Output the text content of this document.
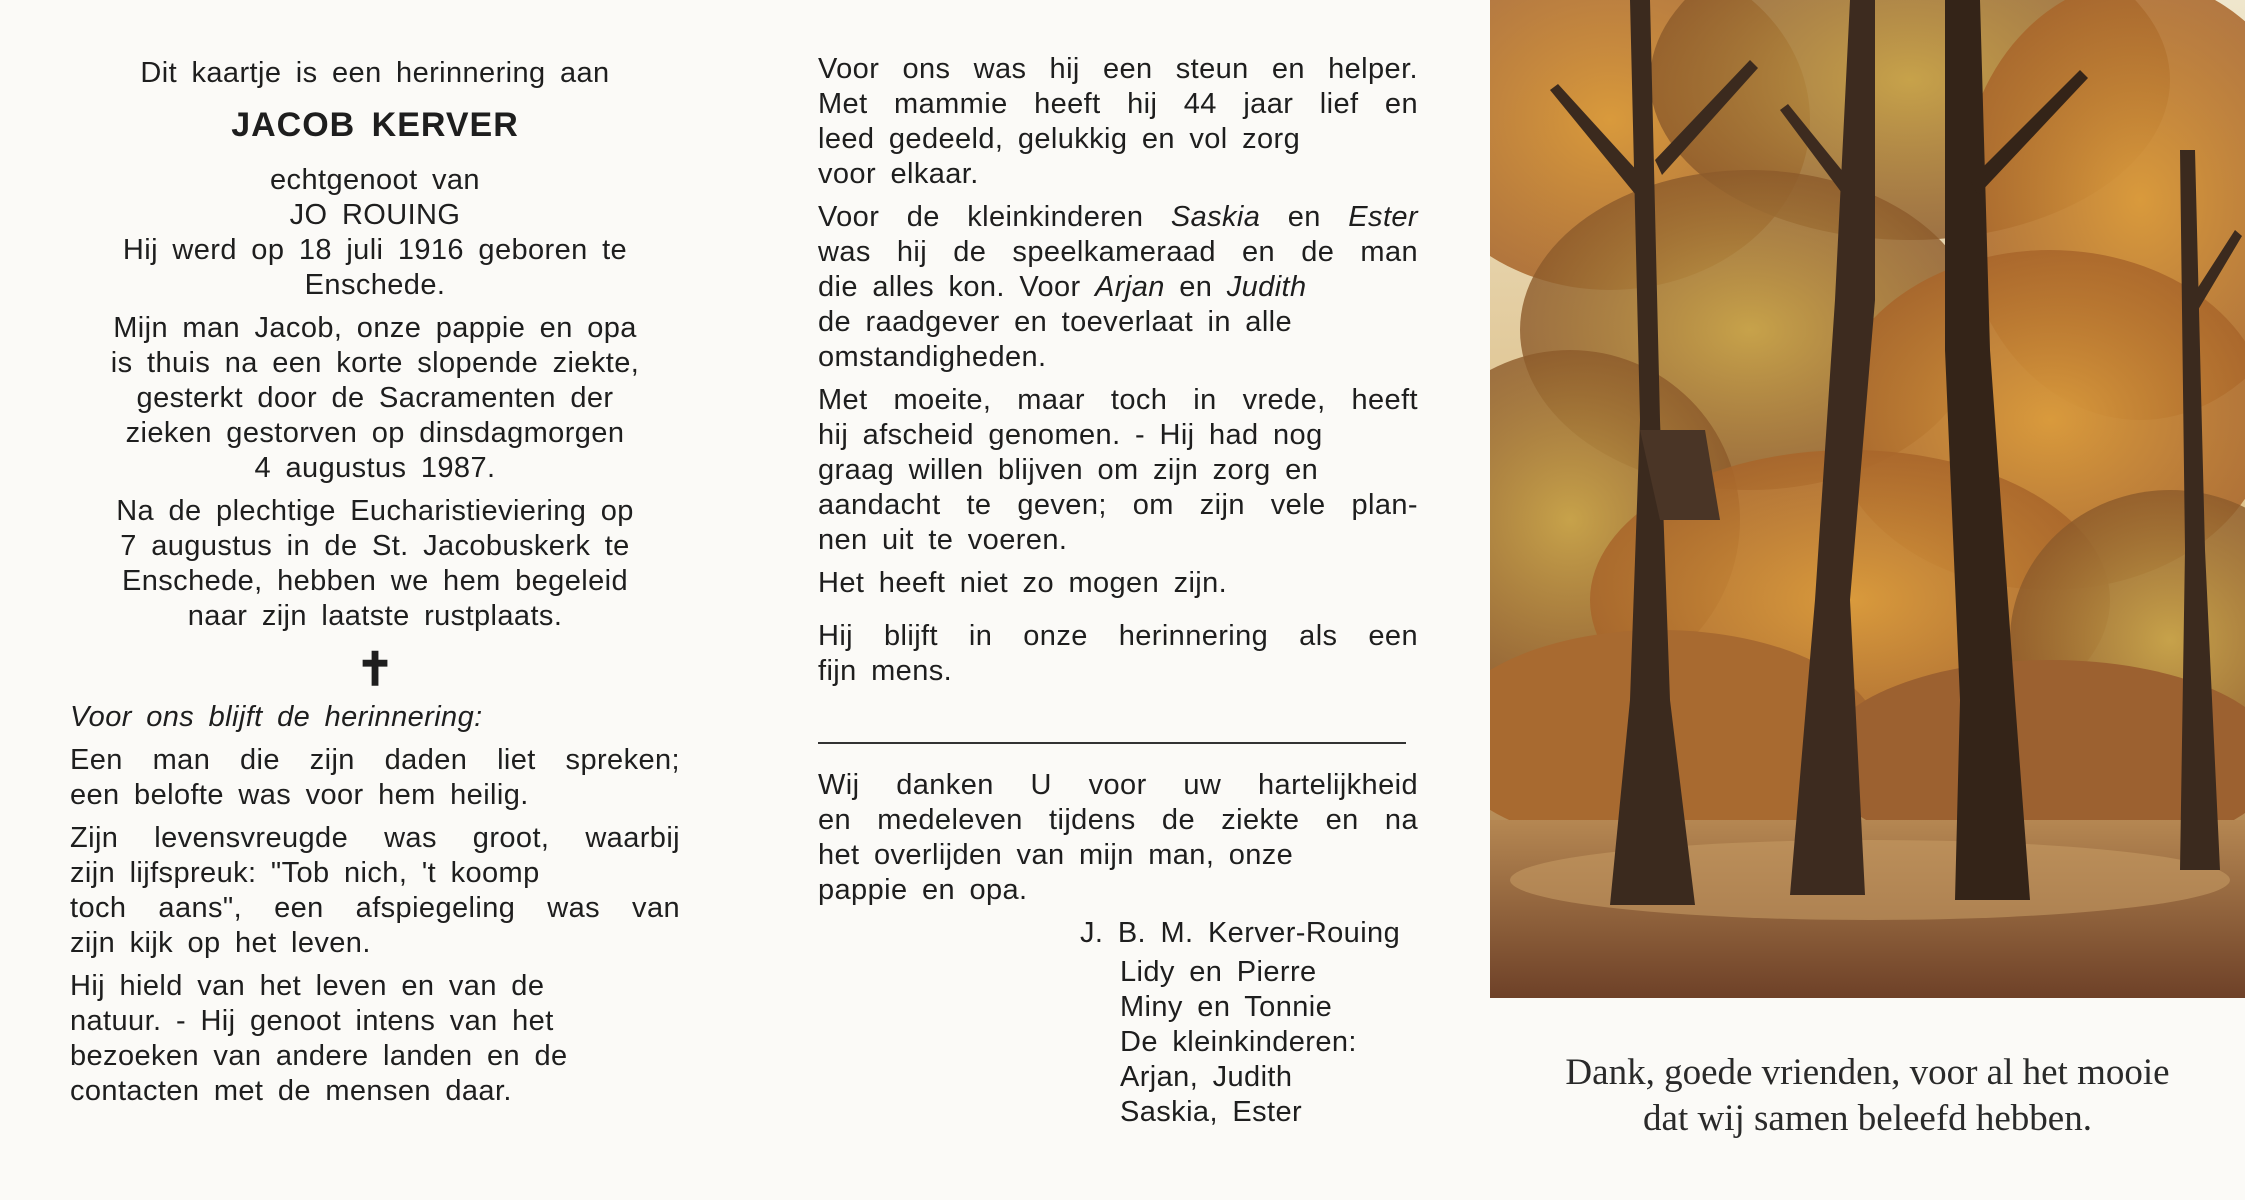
Dit kaartje is een herinnering aan
JACOB KERVER
echtgenoot van
JO ROUING
Hij werd op 18 juli 1916 geboren te
Enschede.
Mijn man Jacob, onze pappie en opa
is thuis na een korte slopende ziekte,
gesterkt door de Sacramenten der
zieken gestorven op dinsdagmorgen
4 augustus 1987.
Na de plechtige Eucharistieviering op
7 augustus in de St. Jacobuskerk te
Enschede, hebben we hem begeleid
naar zijn laatste rustplaats.
✝
Voor ons blijft de herinnering:
Een man die zijn daden liet spreken;
een belofte was voor hem heilig.
Zijn levensvreugde was groot, waarbij
zijn lijfspreuk: "Tob nich, 't koomp
toch aans", een afspiegeling was van
zijn kijk op het leven.
Hij hield van het leven en van de
natuur. - Hij genoot intens van het
bezoeken van andere landen en de
contacten met de mensen daar.
Voor ons was hij een steun en helper.
Met mammie heeft hij 44 jaar lief en
leed gedeeld, gelukkig en vol zorg
voor elkaar.
Voor de kleinkinderen Saskia en Ester
was hij de speelkameraad en de man
die alles kon. Voor Arjan en Judith
de raadgever en toeverlaat in alle
omstandigheden.
Met moeite, maar toch in vrede, heeft
hij afscheid genomen. - Hij had nog
graag willen blijven om zijn zorg en
aandacht te geven; om zijn vele plan-
nen uit te voeren.
Het heeft niet zo mogen zijn.
Hij blijft in onze herinnering als een
fijn mens.
Wij danken U voor uw hartelijkheid
en medeleven tijdens de ziekte en na
het overlijden van mijn man, onze
pappie en opa.
J. B. M. Kerver-Rouing
Lidy en Pierre
Miny en Tonnie
De kleinkinderen:
Arjan, Judith
Saskia, Ester
Dank, goede vrienden, voor al het mooie
dat wij samen beleefd hebben.
